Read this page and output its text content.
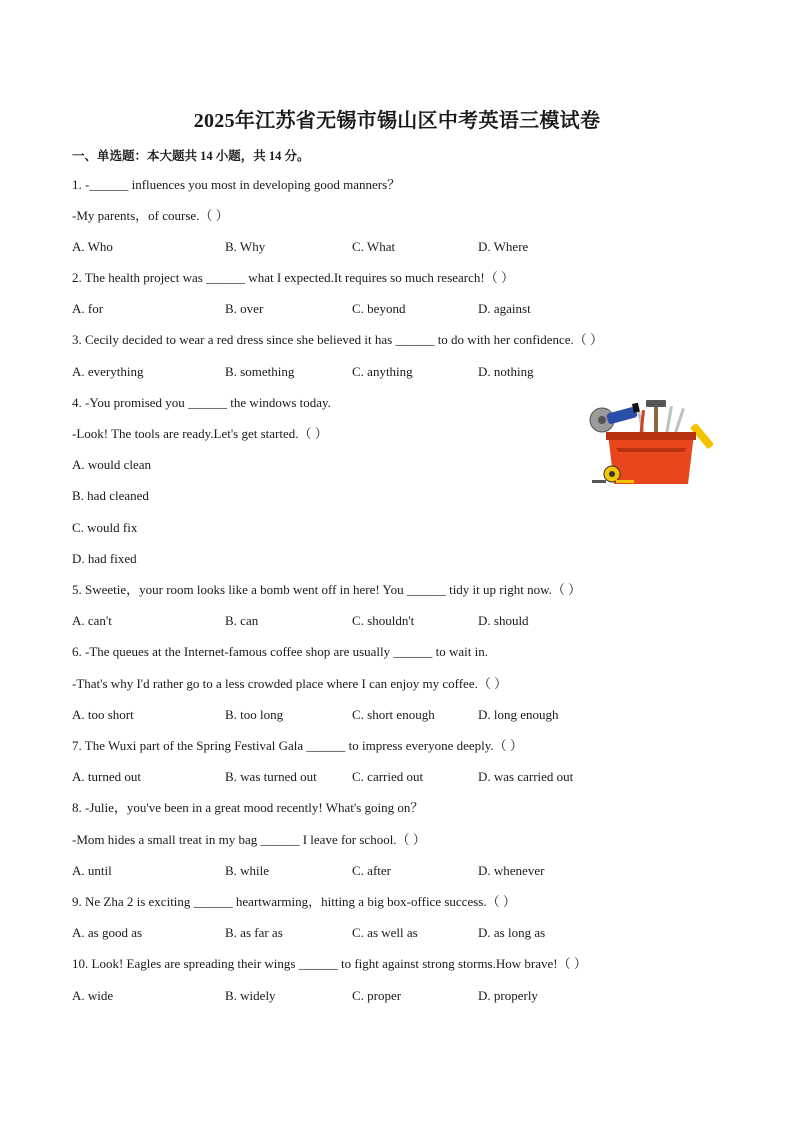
2025年江苏省无锡市锡山区中考英语三模试卷
一、单选题：本大题共 14 小题，共 14 分。
1. -______ influences you most in developing good manners？
-My parents，of course.（ ）
A. Who	B. Why	C. What	D. Where
2. The health project was ______ what I expected.It requires so much research!（ ）
A. for	B. over	C. beyond	D. against
3. Cecily decided to wear a red dress since she believed it has ______ to do with her confidence.（ ）
A. everything	B. something	C. anything	D. nothing
4. -You promised you ______ the windows today.
-Look! The tools are ready.Let's get started.（ ）
A. would clean
B. had cleaned
C. would fix
D. had fixed
5. Sweetie，your room looks like a bomb went off in here! You ______ tidy it up right now.（ ）
A. can't	B. can	C. shouldn't	D. should
6. -The queues at the Internet-famous coffee shop are usually ______ to wait in.
-That's why I'd rather go to a less crowded place where I can enjoy my coffee.（ ）
A. too short	B. too long	C. short enough	D. long enough
7. The Wuxi part of the Spring Festival Gala ______ to impress everyone deeply.（ ）
A. turned out	B. was turned out	C. carried out	D. was carried out
8. -Julie，you've been in a great mood recently! What's going on？
-Mom hides a small treat in my bag ______ I leave for school.（ ）
A. until	B. while	C. after	D. whenever
9. Ne Zha 2 is exciting ______ heartwarming，hitting a big box-office success.（ ）
A. as good as	B. as far as	C. as well as	D. as long as
10. Look! Eagles are spreading their wings ______ to fight against strong storms.How brave!（ ）
A. wide	B. widely	C. proper	D. properly
